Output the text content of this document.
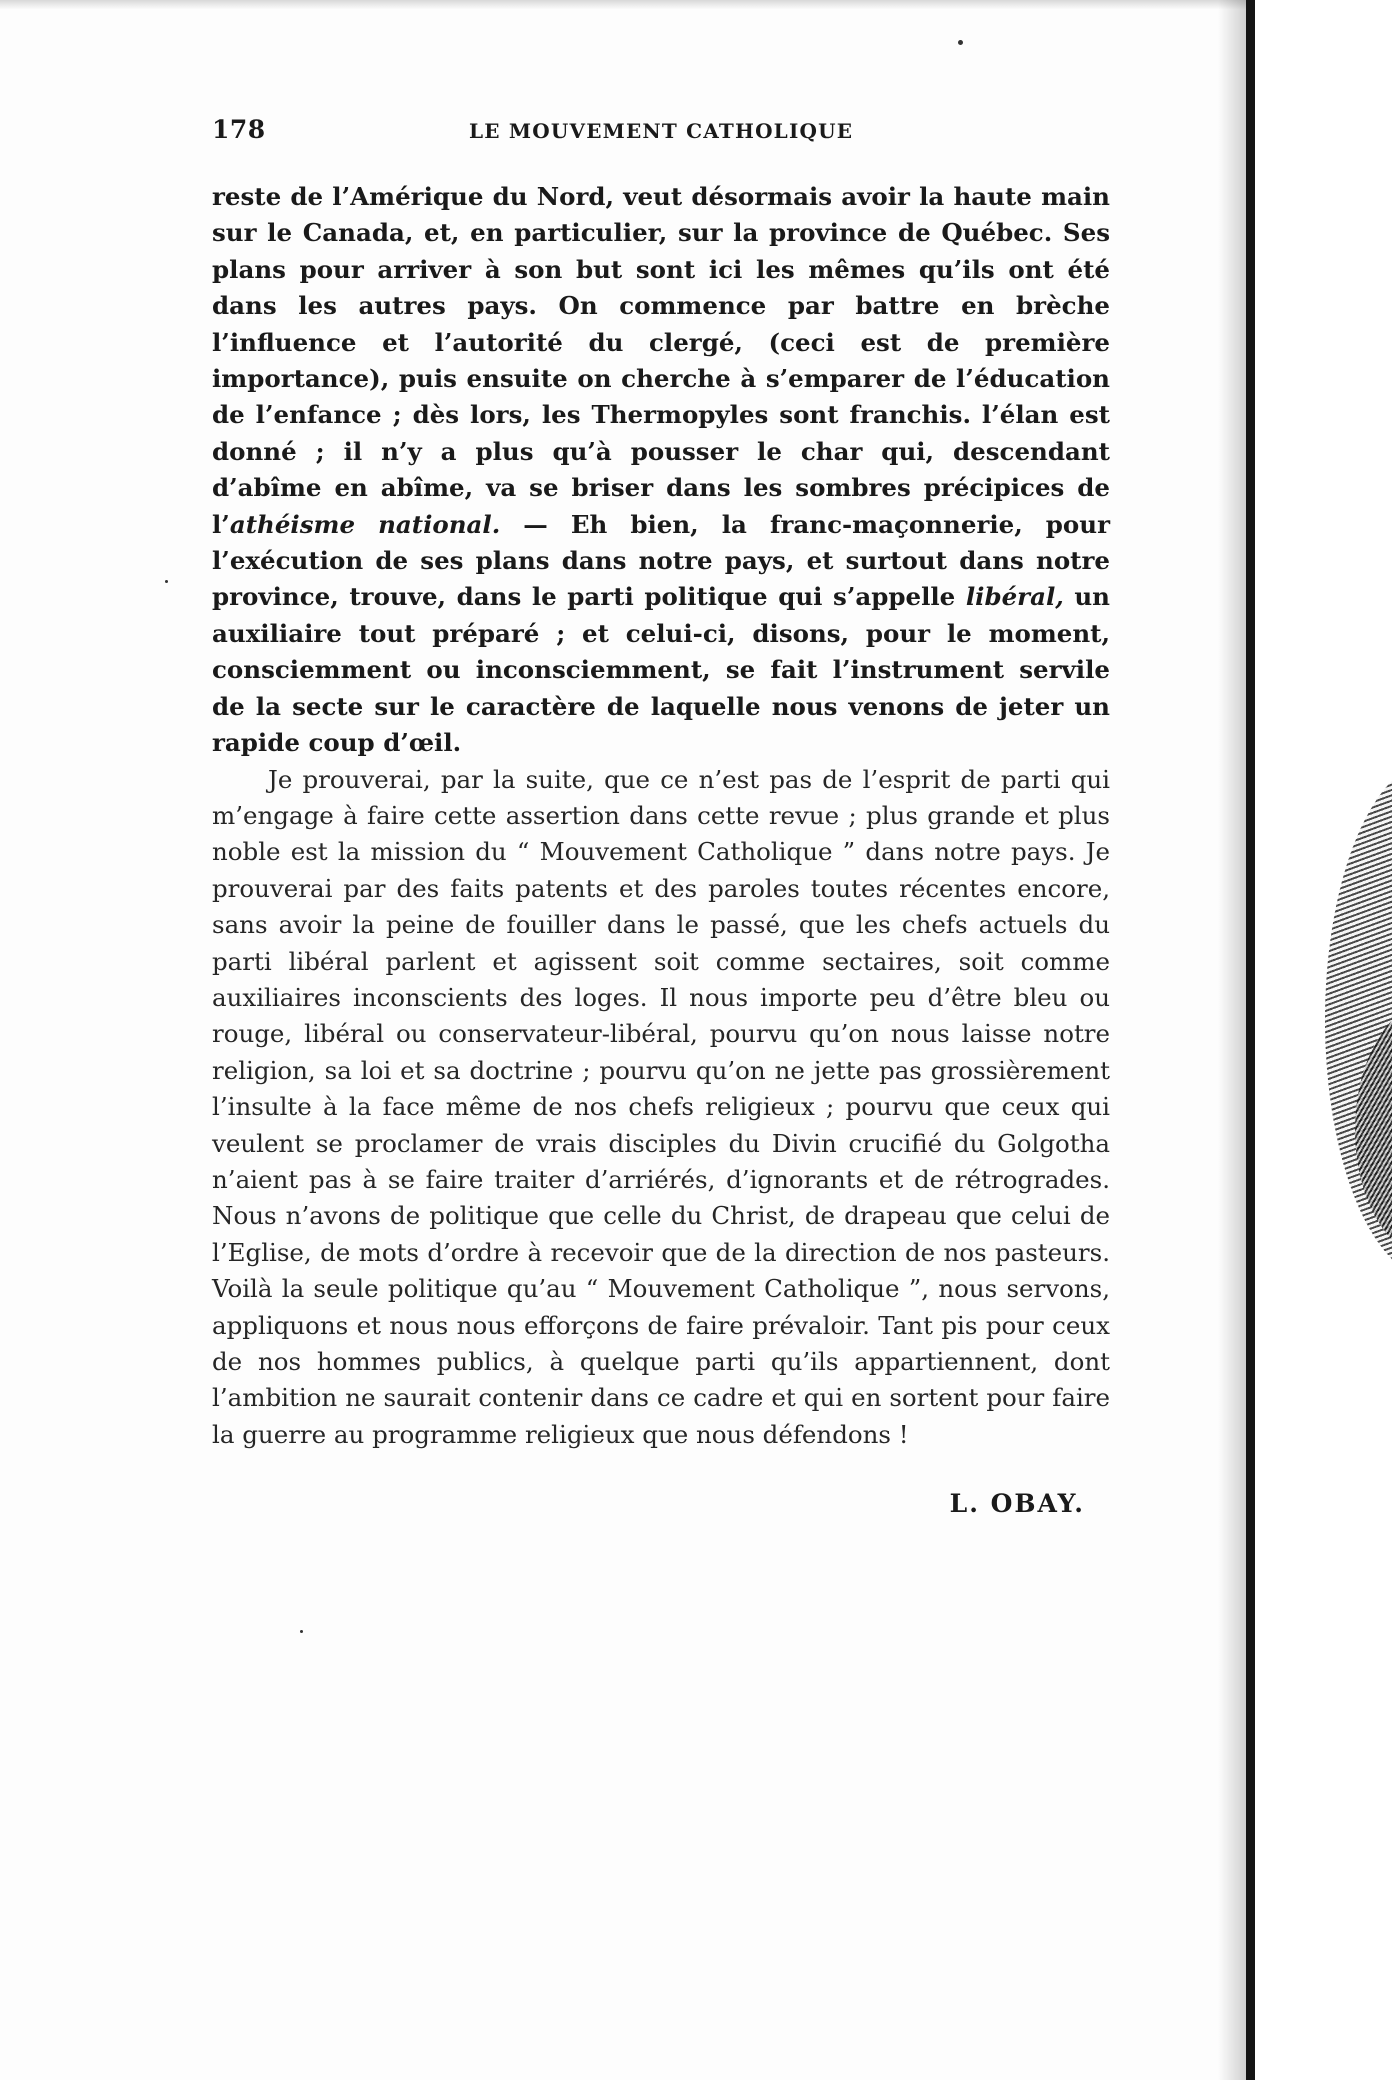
178	LE MOUVEMENT CATHOLIQUE

reste de l’Amérique du Nord, veut désormais avoir la haute main sur le Canada, et, en particulier, sur la province de Québec. Ses plans pour arriver à son but sont ici les mêmes qu’ils ont été dans les autres pays. On commence par battre en brèche l’influence et l’autorité du clergé, (ceci est de première importance), puis ensuite on cherche à s’emparer de l’éducation de l’enfance ; dès lors, les Thermopyles sont franchis. l’élan est donné ; il n’y a plus qu’à pousser le char qui, descendant d’abîme en abîme, va se briser dans les sombres précipices de l’athéisme national. — Eh bien, la franc-maçonnerie, pour l’exécution de ses plans dans notre pays, et surtout dans notre province, trouve, dans le parti politique qui s’appelle libéral, un auxiliaire tout préparé ; et celui-ci, disons, pour le moment, consciemment ou inconsciemment, se fait l’instrument servile de la secte sur le caractère de laquelle nous venons de jeter un rapide coup d’œil.

Je prouverai, par la suite, que ce n’est pas de l’esprit de parti qui m’engage à faire cette assertion dans cette revue ; plus grande et plus noble est la mission du “ Mouvement Catholique ” dans notre pays. Je prouverai par des faits patents et des paroles toutes récentes encore, sans avoir la peine de fouiller dans le passé, que les chefs actuels du parti libéral parlent et agissent soit comme sectaires, soit comme auxiliaires inconscients des loges. Il nous importe peu d’être bleu ou rouge, libéral ou conservateur-libéral, pourvu qu’on nous laisse notre religion, sa loi et sa doctrine ; pourvu qu’on ne jette pas grossièrement l’insulte à la face même de nos chefs religieux ; pourvu que ceux qui veulent se proclamer de vrais disciples du Divin crucifié du Golgotha n’aient pas à se faire traiter d’arriérés, d’ignorants et de rétrogrades. Nous n’avons de politique que celle du Christ, de drapeau que celui de l’Eglise, de mots d’ordre à recevoir que de la direction de nos pasteurs. Voilà la seule politique qu’au “ Mouvement Catholique ”, nous servons, appliquons et nous nous efforçons de faire prévaloir. Tant pis pour ceux de nos hommes publics, à quelque parti qu’ils appartiennent, dont l’ambition ne saurait contenir dans ce cadre et qui en sortent pour faire la guerre au programme religieux que nous défendons !

L. OBAY.
